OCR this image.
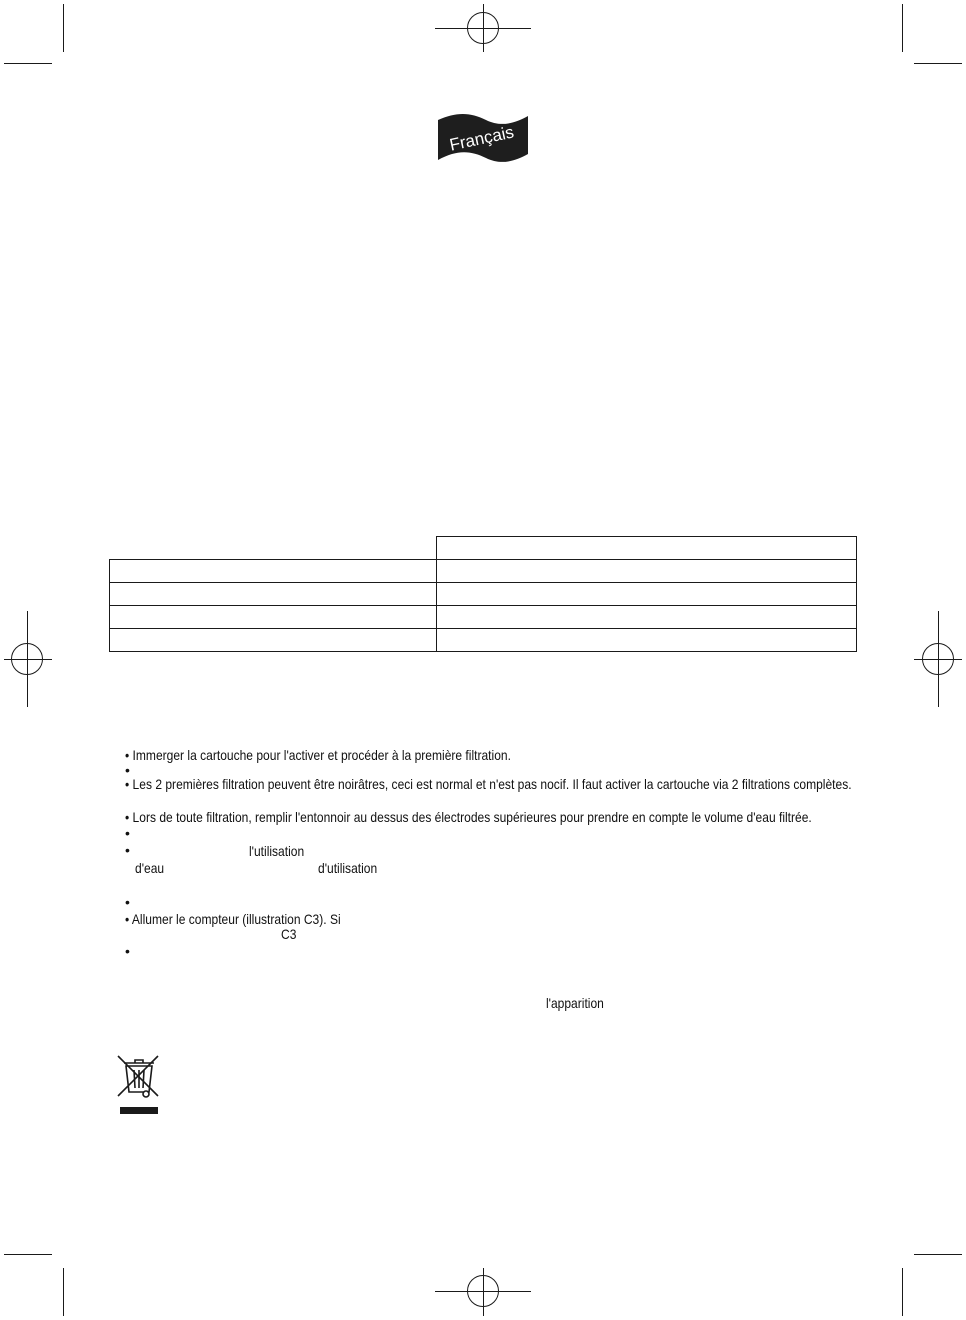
Français

• Immerger la cartouche pour l'activer et procéder à la première filtration.
•
• Les 2 premières filtration peuvent être noirâtres, ceci est normal et n'est pas nocif. Il faut activer la cartouche via 2 filtrations complètes.
• Lors de toute filtration, remplir l'entonnoir au dessus des électrodes supérieures pour prendre en compte le volume d'eau filtrée.
•
•	l'utilisation
d'eau	d'utilisation
•
• Allumer le compteur (illustration C3). Si
C3
•
l'apparition
